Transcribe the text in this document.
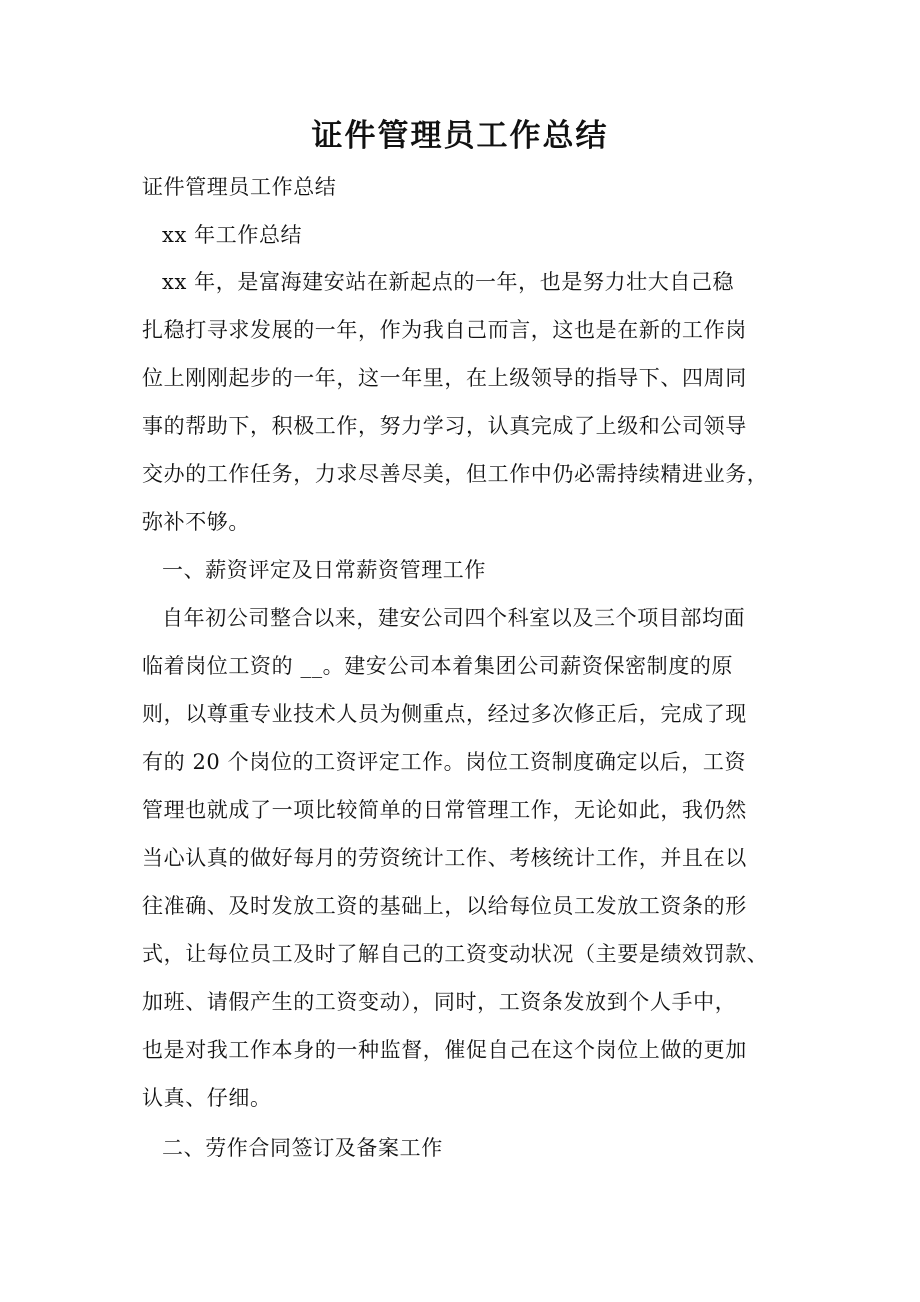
证件管理员工作总结
证件管理员工作总结
xx 年工作总结
xx 年，是富海建安站在新起点的一年，也是努力壮大自己稳
扎稳打寻求发展的一年，作为我自己而言，这也是在新的工作岗
位上刚刚起步的一年，这一年里，在上级领导的指导下、四周同
事的帮助下，积极工作，努力学习，认真完成了上级和公司领导
交办的工作任务，力求尽善尽美，但工作中仍必需持续精进业务，
弥补不够。
一、薪资评定及日常薪资管理工作
自年初公司整合以来，建安公司四个科室以及三个项目部均面
临着岗位工资的 __。建安公司本着集团公司薪资保密制度的原
则，以尊重专业技术人员为侧重点，经过多次修正后，完成了现
有的 20 个岗位的工资评定工作。岗位工资制度确定以后，工资
管理也就成了一项比较简单的日常管理工作，无论如此，我仍然
当心认真的做好每月的劳资统计工作、考核统计工作，并且在以
往准确、及时发放工资的基础上，以给每位员工发放工资条的形
式，让每位员工及时了解自己的工资变动状况（主要是绩效罚款、
加班、请假产生的工资变动），同时，工资条发放到个人手中，
也是对我工作本身的一种监督，催促自己在这个岗位上做的更加
认真、仔细。
二、劳作合同签订及备案工作
